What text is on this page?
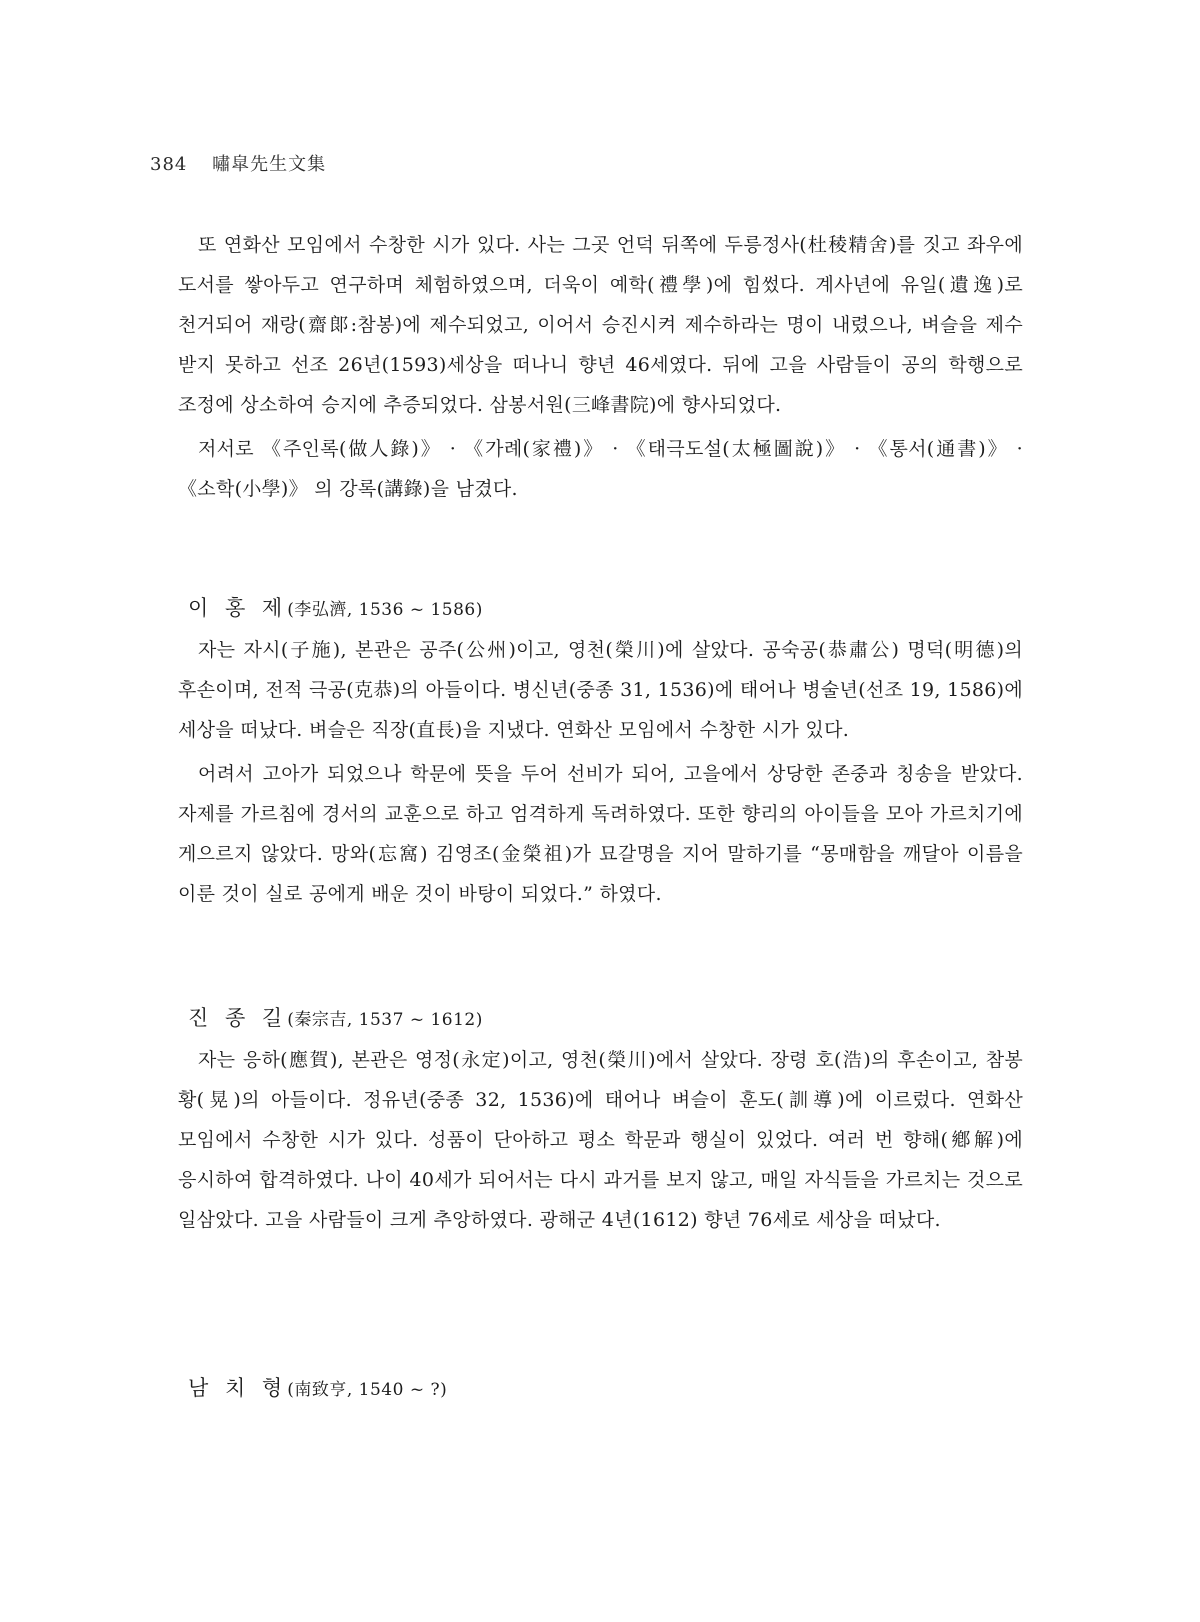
384 嘯皐先生文集

또 연화산 모임에서 수창한 시가 있다. 사는 그곳 언덕 뒤쪽에 두릉정사(杜稜精舍)를 짓고 좌우에 도서를 쌓아두고 연구하며 체험하였으며, 더욱이 예학(禮學)에 힘썼다. 계사년에 유일(遺逸)로 천거되어 재랑(齋郞:참봉)에 제수되었고, 이어서 승진시켜 제수하라는 명이 내렸으나, 벼슬을 제수 받지 못하고 선조 26년(1593)세상을 떠나니 향년 46세였다. 뒤에 고을 사람들이 공의 학행으로 조정에 상소하여 승지에 추증되었다. 삼봉서원(三峰書院)에 향사되었다.

저서로 《주인록(做人錄)》 · 《가례(家禮)》 · 《태극도설(太極圖說)》 · 《통서(通書)》 · 《소학(小學)》 의 강록(講錄)을 남겼다.

이 홍 제(李弘濟, 1536 ~ 1586)

자는 자시(子施), 본관은 공주(公州)이고, 영천(榮川)에 살았다. 공숙공(恭肅公) 명덕(明德)의 후손이며, 전적 극공(克恭)의 아들이다. 병신년(중종 31, 1536)에 태어나 병술년(선조 19, 1586)에 세상을 떠났다. 벼슬은 직장(直長)을 지냈다. 연화산 모임에서 수창한 시가 있다.

어려서 고아가 되었으나 학문에 뜻을 두어 선비가 되어, 고을에서 상당한 존중과 칭송을 받았다. 자제를 가르침에 경서의 교훈으로 하고 엄격하게 독려하였다. 또한 향리의 아이들을 모아 가르치기에 게으르지 않았다. 망와(忘窩) 김영조(金榮祖)가 묘갈명을 지어 말하기를 “몽매함을 깨달아 이름을 이룬 것이 실로 공에게 배운 것이 바탕이 되었다.” 하였다.

진 종 길(秦宗吉, 1537 ~ 1612)

자는 응하(應賀), 본관은 영정(永定)이고, 영천(榮川)에서 살았다. 장령 호(浩)의 후손이고, 참봉 황(晃)의 아들이다. 정유년(중종 32, 1536)에 태어나 벼슬이 훈도(訓導)에 이르렀다. 연화산 모임에서 수창한 시가 있다. 성품이 단아하고 평소 학문과 행실이 있었다. 여러 번 향해(鄕解)에 응시하여 합격하였다. 나이 40세가 되어서는 다시 과거를 보지 않고, 매일 자식들을 가르치는 것으로 일삼았다. 고을 사람들이 크게 추앙하였다. 광해군 4년(1612) 향년 76세로 세상을 떠났다.

남 치 형(南致亨, 1540 ~ ?)
